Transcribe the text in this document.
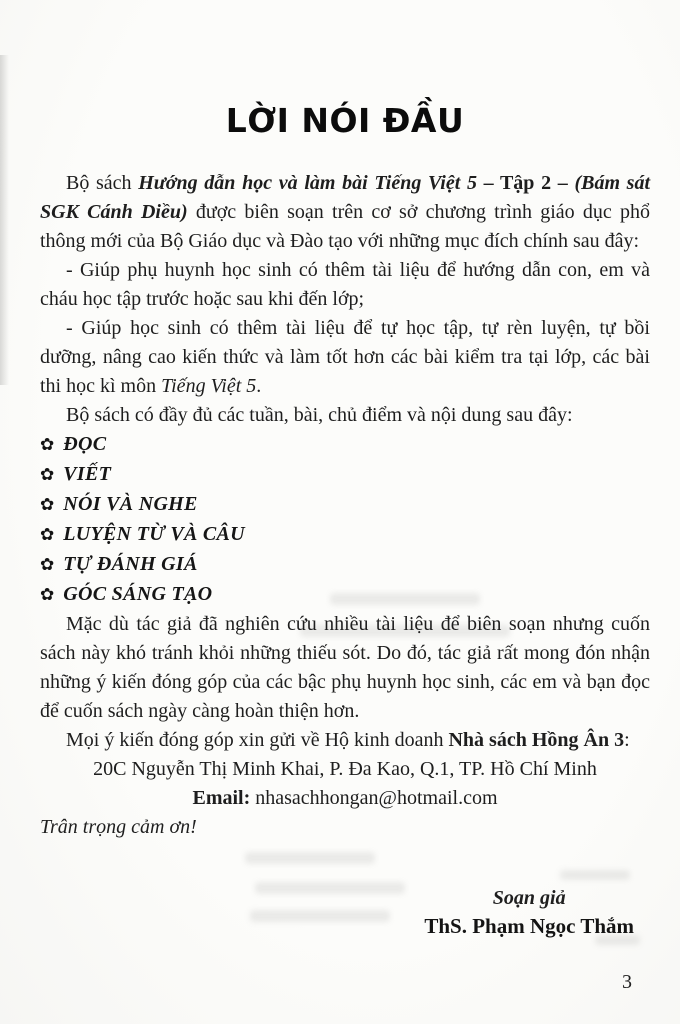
LỜI NÓI ĐẦU

Bộ sách Hướng dẫn học và làm bài Tiếng Việt 5 – Tập 2 – (Bám sát SGK Cánh Diều) được biên soạn trên cơ sở chương trình giáo dục phổ thông mới của Bộ Giáo dục và Đào tạo với những mục đích chính sau đây:

- Giúp phụ huynh học sinh có thêm tài liệu để hướng dẫn con, em và cháu học tập trước hoặc sau khi đến lớp;

- Giúp học sinh có thêm tài liệu để tự học tập, tự rèn luyện, tự bồi dưỡng, nâng cao kiến thức và làm tốt hơn các bài kiểm tra tại lớp, các bài thi học kì môn Tiếng Việt 5.

Bộ sách có đầy đủ các tuần, bài, chủ điểm và nội dung sau đây:

✿ ĐỌC
✿ VIẾT
✿ NÓI VÀ NGHE
✿ LUYỆN TỪ VÀ CÂU
✿ TỰ ĐÁNH GIÁ
✿ GÓC SÁNG TẠO

Mặc dù tác giả đã nghiên cứu nhiều tài liệu để biên soạn nhưng cuốn sách này khó tránh khỏi những thiếu sót. Do đó, tác giả rất mong đón nhận những ý kiến đóng góp của các bậc phụ huynh học sinh, các em và bạn đọc để cuốn sách ngày càng hoàn thiện hơn.

Mọi ý kiến đóng góp xin gửi về Hộ kinh doanh Nhà sách Hồng Ân 3:

20C Nguyễn Thị Minh Khai, P. Đa Kao, Q.1, TP. Hồ Chí Minh

Email: nhasachhongan@hotmail.com

Trân trọng cảm ơn!

Soạn giả

ThS. Phạm Ngọc Thắm

3
